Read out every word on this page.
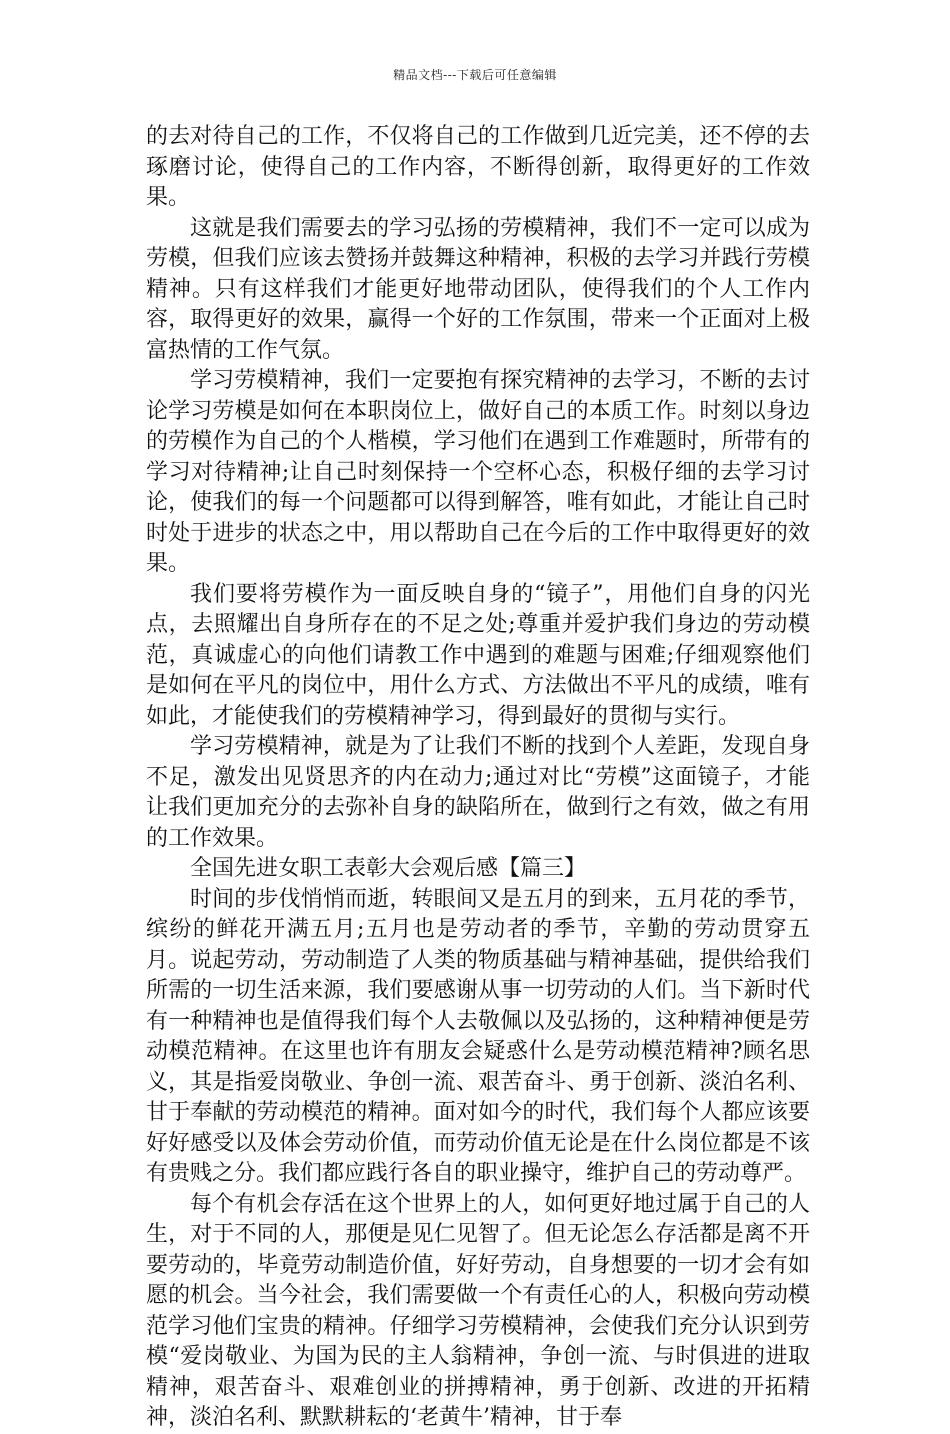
精品文档---下载后可任意编辑

的去对待自己的工作，不仅将自己的工作做到几近完美，还不停的去琢磨讨论，使得自己的工作内容，不断得创新，取得更好的工作效果。

这就是我们需要去的学习弘扬的劳模精神，我们不一定可以成为劳模，但我们应该去赞扬并鼓舞这种精神，积极的去学习并践行劳模精神。只有这样我们才能更好地带动团队，使得我们的个人工作内容，取得更好的效果，赢得一个好的工作氛围，带来一个正面对上极富热情的工作气氛。

学习劳模精神，我们一定要抱有探究精神的去学习，不断的去讨论学习劳模是如何在本职岗位上，做好自己的本质工作。时刻以身边的劳模作为自己的个人楷模，学习他们在遇到工作难题时，所带有的学习对待精神;让自己时刻保持一个空杯心态，积极仔细的去学习讨论，使我们的每一个问题都可以得到解答，唯有如此，才能让自己时时处于进步的状态之中，用以帮助自己在今后的工作中取得更好的效果。

我们要将劳模作为一面反映自身的“镜子”，用他们自身的闪光点，去照耀出自身所存在的不足之处;尊重并爱护我们身边的劳动模范，真诚虚心的向他们请教工作中遇到的难题与困难;仔细观察他们是如何在平凡的岗位中，用什么方式、方法做出不平凡的成绩，唯有如此，才能使我们的劳模精神学习，得到最好的贯彻与实行。

学习劳模精神，就是为了让我们不断的找到个人差距，发现自身不足，激发出见贤思齐的内在动力;通过对比“劳模”这面镜子，才能让我们更加充分的去弥补自身的缺陷所在，做到行之有效，做之有用的工作效果。

全国先进女职工表彰大会观后感【篇三】

时间的步伐悄悄而逝，转眼间又是五月的到来，五月花的季节，缤纷的鲜花开满五月;五月也是劳动者的季节，辛勤的劳动贯穿五月。说起劳动，劳动制造了人类的物质基础与精神基础，提供给我们所需的一切生活来源，我们要感谢从事一切劳动的人们。当下新时代有一种精神也是值得我们每个人去敬佩以及弘扬的，这种精神便是劳动模范精神。在这里也许有朋友会疑惑什么是劳动模范精神?顾名思义，其是指爱岗敬业、争创一流、艰苦奋斗、勇于创新、淡泊名利、甘于奉献的劳动模范的精神。面对如今的时代，我们每个人都应该要好好感受以及体会劳动价值，而劳动价值无论是在什么岗位都是不该有贵贱之分。我们都应践行各自的职业操守，维护自己的劳动尊严。

每个有机会存活在这个世界上的人，如何更好地过属于自己的人生，对于不同的人，那便是见仁见智了。但无论怎么存活都是离不开要劳动的，毕竟劳动制造价值，好好劳动，自身想要的一切才会有如愿的机会。当今社会，我们需要做一个有责任心的人，积极向劳动模范学习他们宝贵的精神。仔细学习劳模精神，会使我们充分认识到劳模“爱岗敬业、为国为民的主人翁精神，争创一流、与时俱进的进取精神，艰苦奋斗、艰难创业的拼搏精神，勇于创新、改进的开拓精神，淡泊名利、默默耕耘的‘老黄牛’精神，甘于奉
